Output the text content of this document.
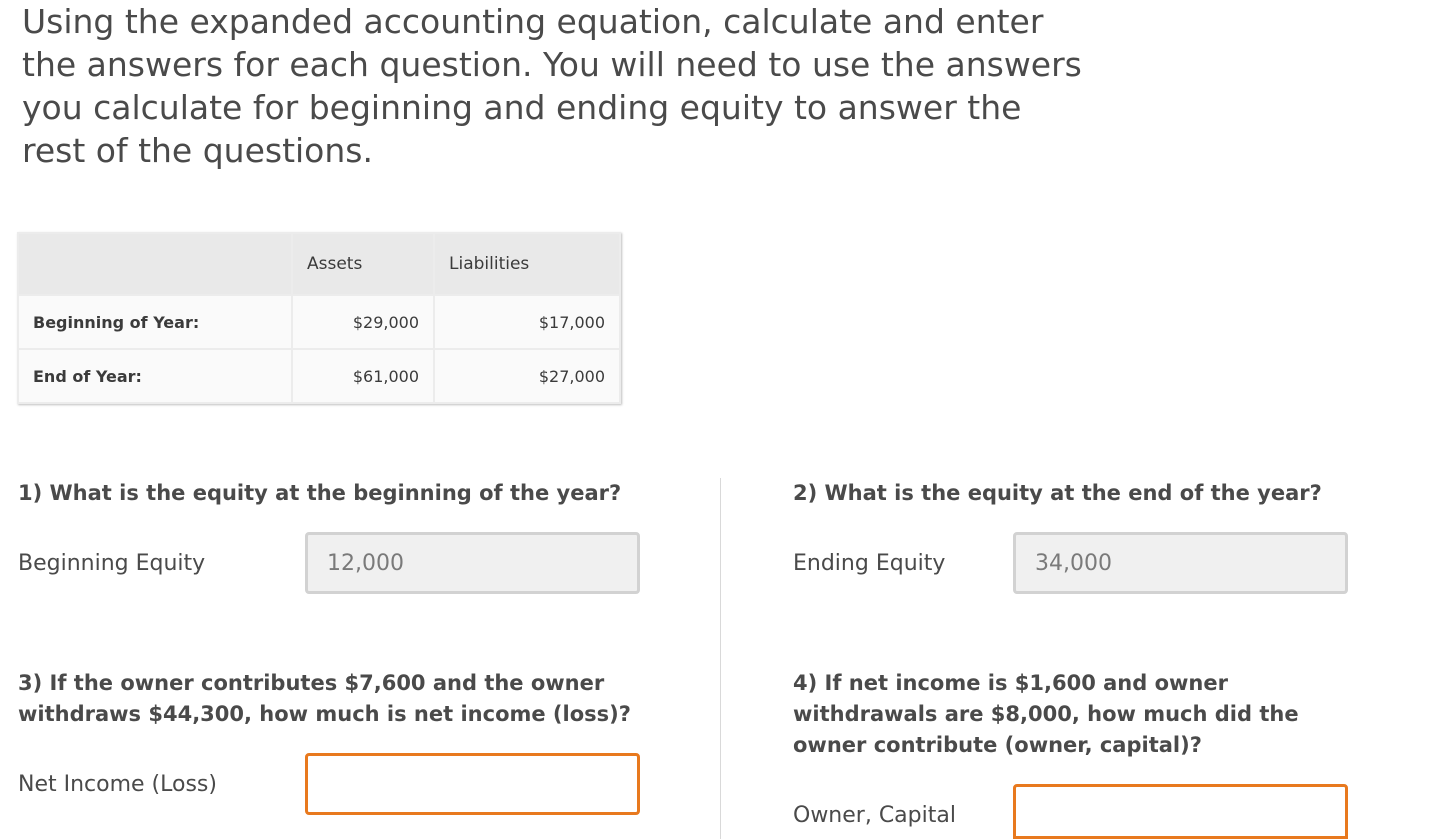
Using the expanded accounting equation, calculate and enter the answers for each question. You will need to use the answers you calculate for beginning and ending equity to answer the rest of the questions.

	Assets	Liabilities
Beginning of Year:	$29,000	$17,000
End of Year:	$61,000	$27,000

1) What is the equity at the beginning of the year?

Beginning Equity
12,000

2) What is the equity at the end of the year?

Ending Equity
34,000

3) If the owner contributes $7,600 and the owner withdraws $44,300, how much is net income (loss)?

Net Income (Loss)

4) If net income is $1,600 and owner withdrawals are $8,000, how much did the owner contribute (owner, capital)?

Owner, Capital
